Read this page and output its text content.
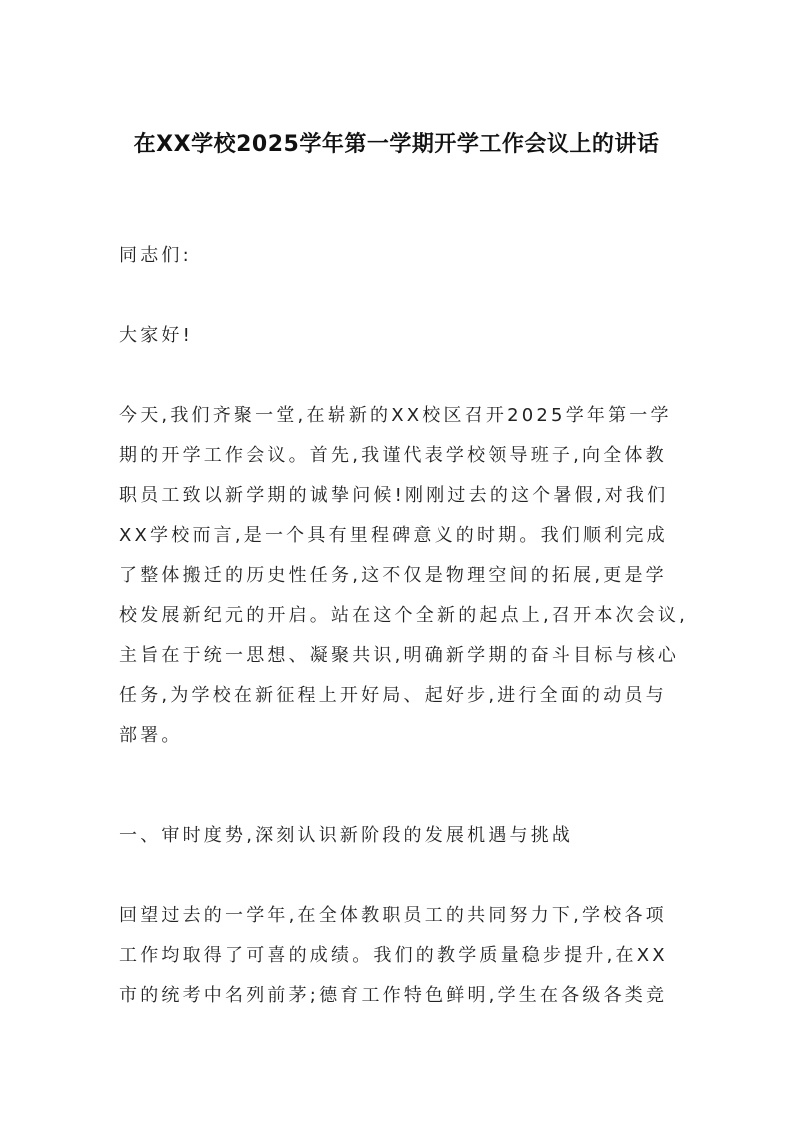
在XX学校2025学年第一学期开学工作会议上的讲话

同志们:

大家好!

今天,我们齐聚一堂,在崭新的XX校区召开2025学年第一学
期的开学工作会议。首先,我谨代表学校领导班子,向全体教
职员工致以新学期的诚挚问候!刚刚过去的这个暑假,对我们
XX学校而言,是一个具有里程碑意义的时期。我们顺利完成
了整体搬迁的历史性任务,这不仅是物理空间的拓展,更是学
校发展新纪元的开启。站在这个全新的起点上,召开本次会议,
主旨在于统一思想、凝聚共识,明确新学期的奋斗目标与核心
任务,为学校在新征程上开好局、起好步,进行全面的动员与
部署。

一、审时度势,深刻认识新阶段的发展机遇与挑战

回望过去的一学年,在全体教职员工的共同努力下,学校各项
工作均取得了可喜的成绩。我们的教学质量稳步提升,在XX
市的统考中名列前茅;德育工作特色鲜明,学生在各级各类竞
